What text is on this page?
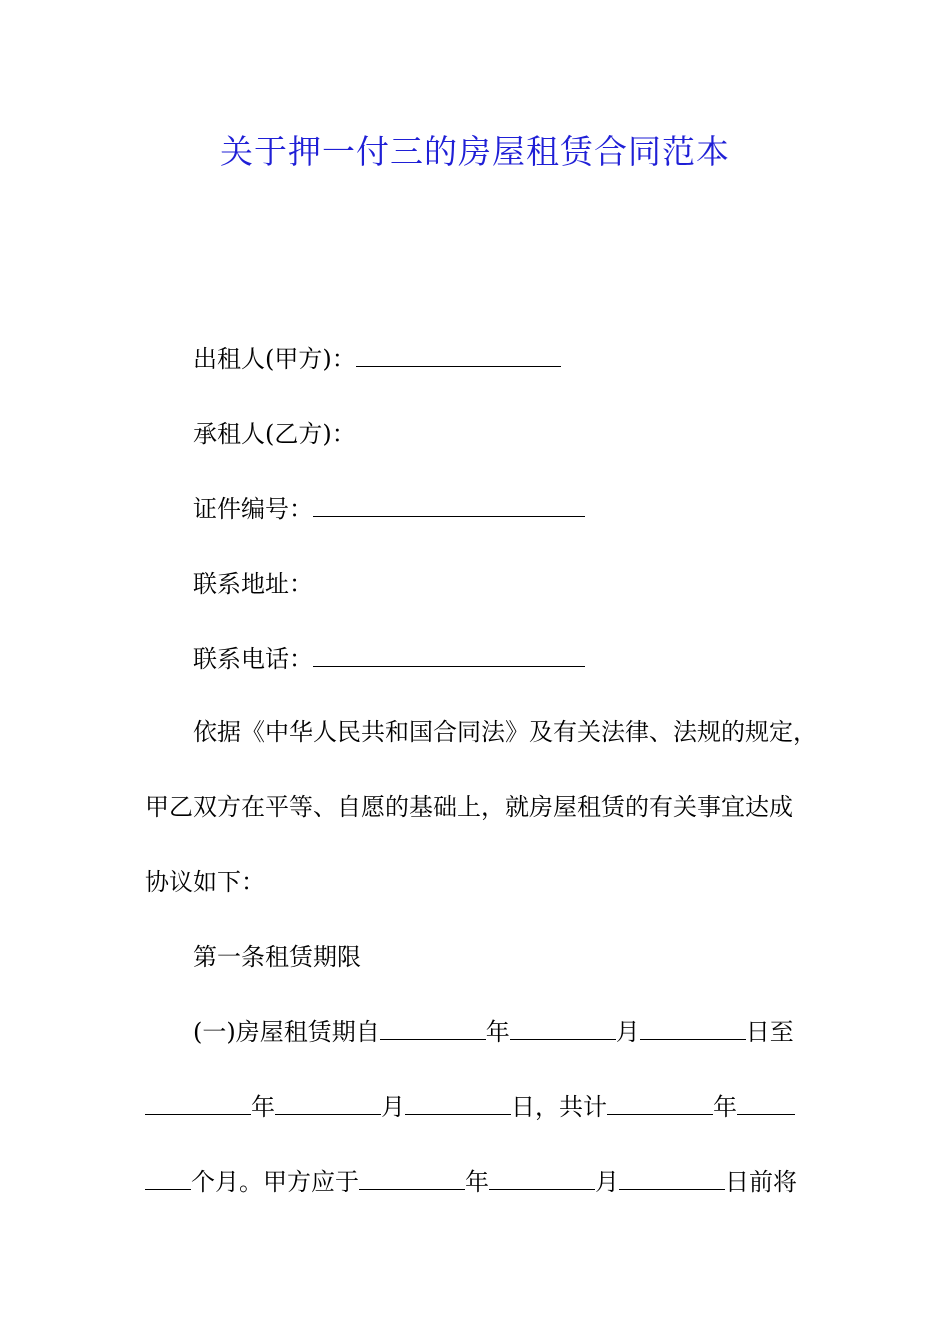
关于押一付三的房屋租赁合同范本
出租人(甲方)：
承租人(乙方)：
证件编号：
联系地址：
联系电话：
依据《中华人民共和国合同法》及有关法律、法规的规定，
甲乙双方在平等、自愿的基础上，就房屋租赁的有关事宜达成
协议如下：
第一条租赁期限
(一)房屋租赁期自	年	月	日至
年	月	日，共计	年
个月。甲方应于	年	月	日前将
